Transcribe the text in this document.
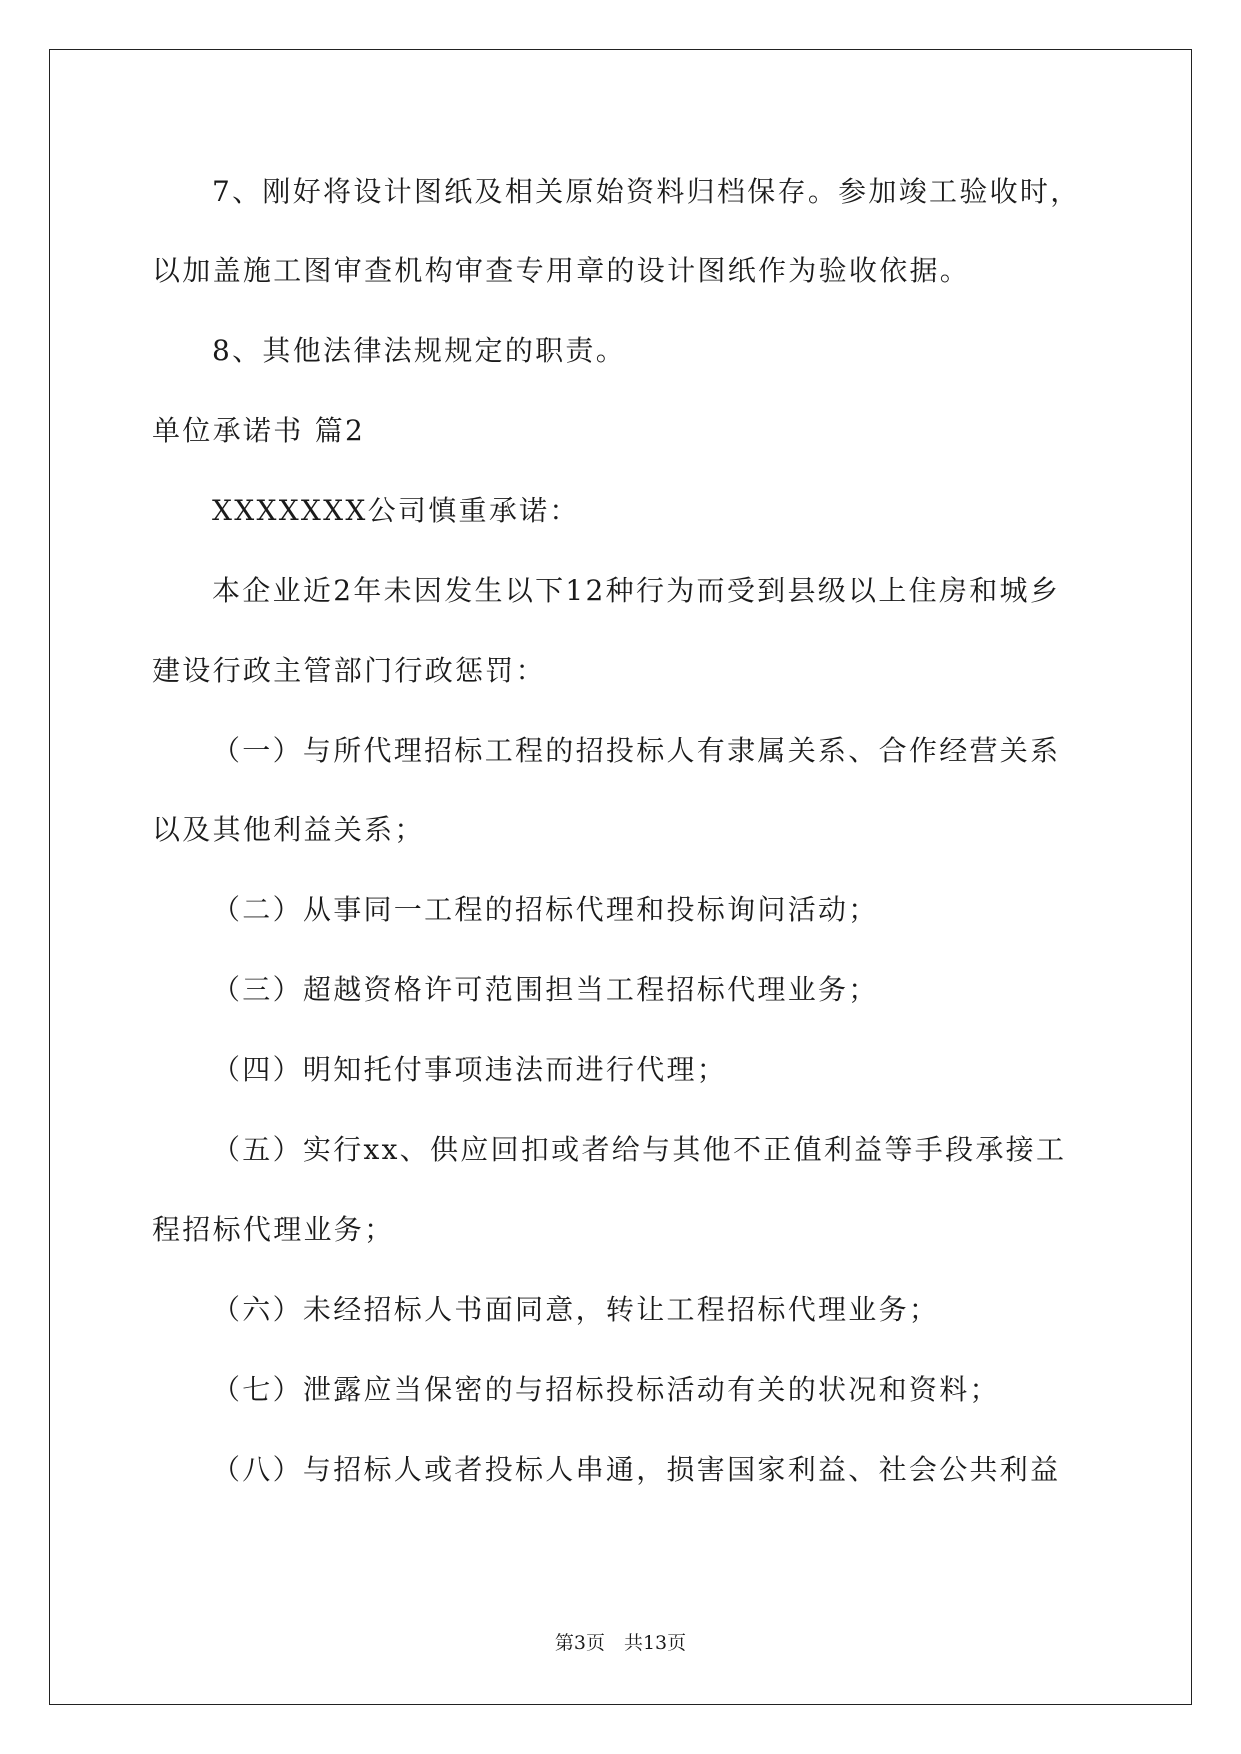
7、刚好将设计图纸及相关原始资料归档保存。参加竣工验收时，
以加盖施工图审查机构审查专用章的设计图纸作为验收依据。
8、其他法律法规规定的职责。
单位承诺书 篇2
XXXXXXX公司慎重承诺：
本企业近2年未因发生以下12种行为而受到县级以上住房和城乡
建设行政主管部门行政惩罚：
（一）与所代理招标工程的招投标人有隶属关系、合作经营关系
以及其他利益关系；
（二）从事同一工程的招标代理和投标询问活动；
（三）超越资格许可范围担当工程招标代理业务；
（四）明知托付事项违法而进行代理；
（五）实行xx、供应回扣或者给与其他不正值利益等手段承接工
程招标代理业务；
（六）未经招标人书面同意，转让工程招标代理业务；
（七）泄露应当保密的与招标投标活动有关的状况和资料；
（八）与招标人或者投标人串通，损害国家利益、社会公共利益
第3页　共13页
